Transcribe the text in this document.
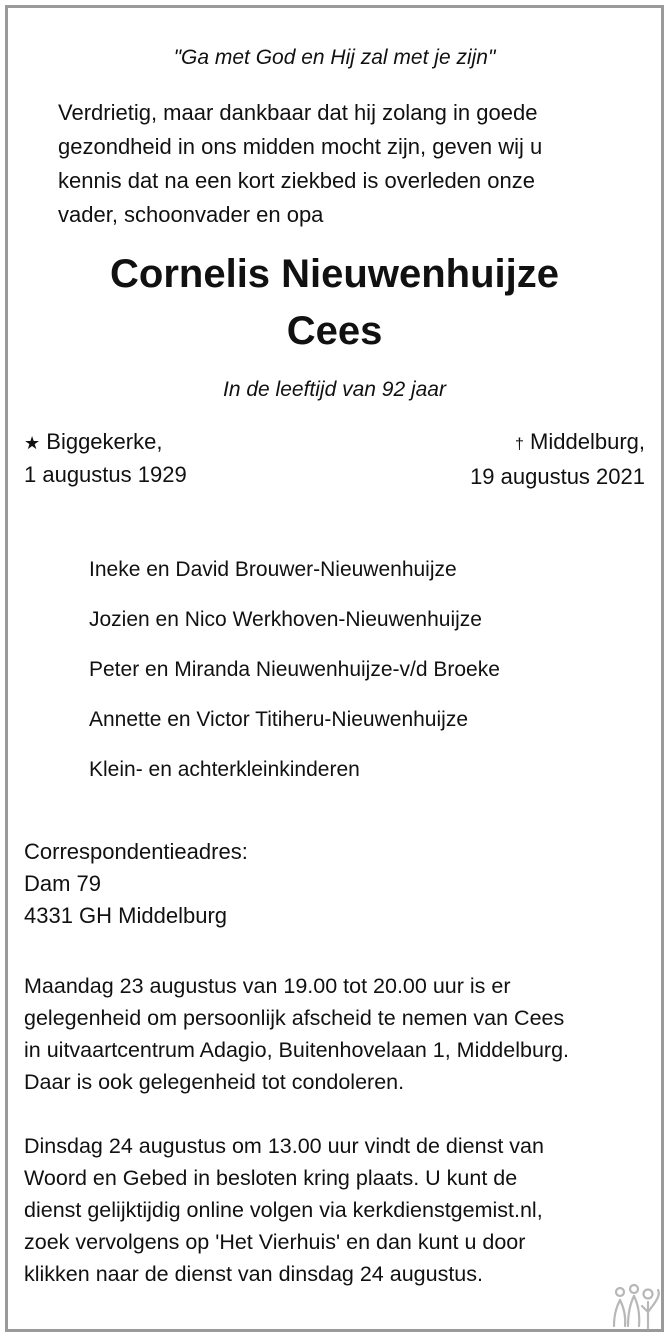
"Ga met God en Hij zal met je zijn"
Verdrietig, maar dankbaar dat hij zolang in goede
gezondheid in ons midden mocht zijn, geven wij u
kennis dat na een kort ziekbed is overleden onze
vader, schoonvader en opa
Cornelis Nieuwenhuijze
Cees
In de leeftijd van 92 jaar
★ Biggekerke,
1 augustus 1929
† Middelburg,
19 augustus 2021
Ineke en David Brouwer-Nieuwenhuijze
Jozien en Nico Werkhoven-Nieuwenhuijze
Peter en Miranda Nieuwenhuijze-v/d Broeke
Annette en Victor Titiheru-Nieuwenhuijze
Klein- en achterkleinkinderen
Correspondentieadres:
Dam 79
4331 GH Middelburg
Maandag 23 augustus van 19.00 tot 20.00 uur is er
gelegenheid om persoonlijk afscheid te nemen van Cees
in uitvaartcentrum Adagio, Buitenhovelaan 1, Middelburg.
Daar is ook gelegenheid tot condoleren.
Dinsdag 24 augustus om 13.00 uur vindt de dienst van
Woord en Gebed in besloten kring plaats. U kunt de
dienst gelijktijdig online volgen via kerkdienstgemist.nl,
zoek vervolgens op 'Het Vierhuis' en dan kunt u door
klikken naar de dienst van dinsdag 24 augustus.
